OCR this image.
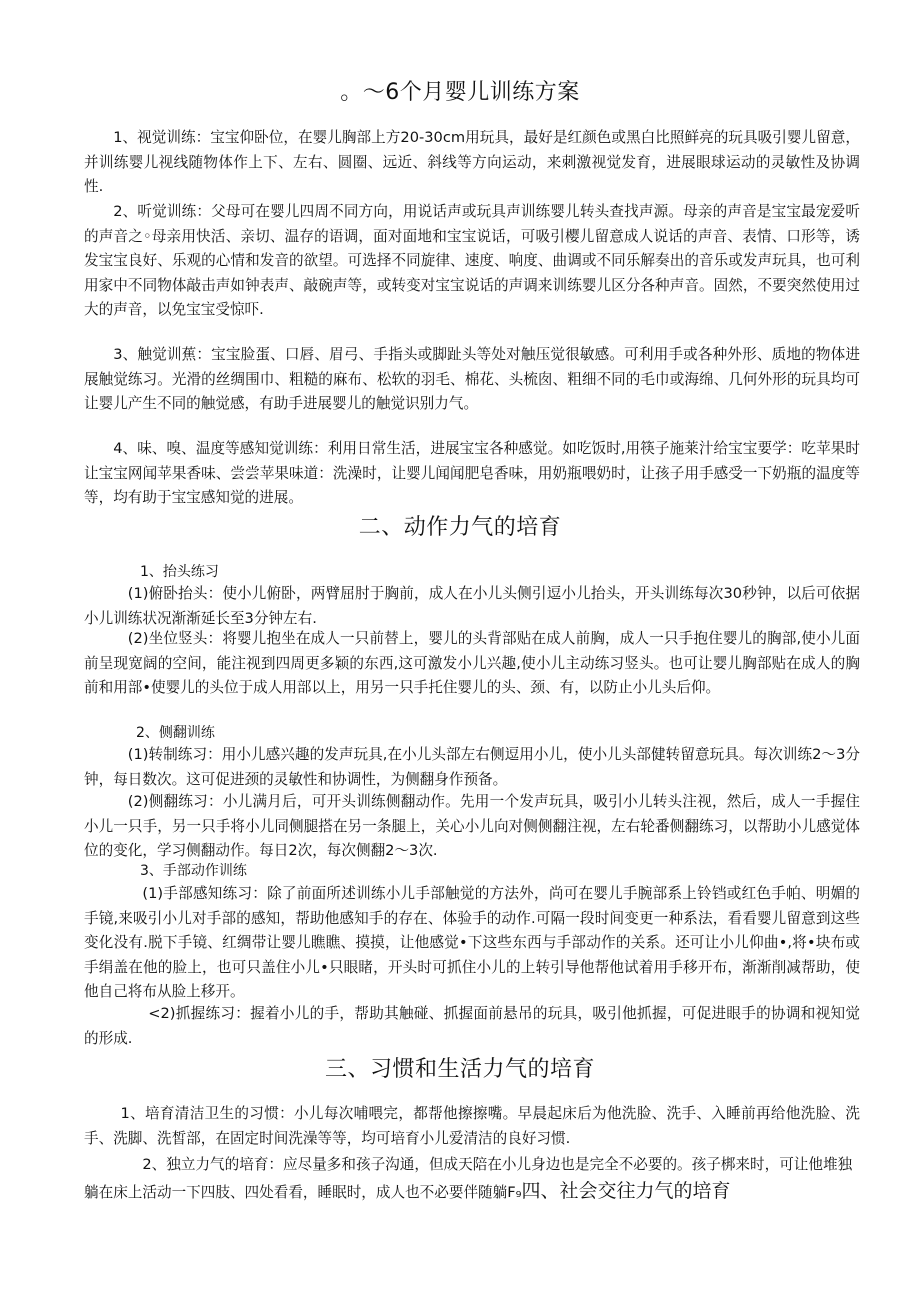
。〜6个月婴儿训练方案

1、视觉训练：宝宝仰卧位，在婴儿胸部上方20-30cm用玩具，最好是红颜色或黑白比照鲜亮的玩具吸引婴儿留意，并训练婴儿视线随物体作上下、左右、圆圈、远近、斜线等方向运动，来刺激视觉发育，进展眼球运动的灵敏性及协调性.

2、听觉训练：父母可在婴儿四周不同方向，用说话声或玩具声训练婴儿转头查找声源。母亲的声音是宝宝最宠爱听的声音之◦母亲用快活、亲切、温存的语调，面对面地和宝宝说话，可吸引樱儿留意成人说话的声音、表情、口形等，诱发宝宝良好、乐观的心情和发音的欲望。可选择不同旋律、速度、响度、曲调或不同乐解奏出的音乐或发声玩具，也可利用家中不同物体敲击声如钟表声、敲碗声等，或转变对宝宝说话的声调来训练婴儿区分各种声音。固然，不要突然使用过大的声音，以免宝宝受惊吓.

3、触觉训蕉：宝宝脸蛋、口唇、眉弓、手指头或脚趾头等处对触压觉很敏感。可利用手或各种外形、质地的物体进展触觉练习。光滑的丝绸围巾、粗糙的麻布、松软的羽毛、棉花、头梳囱、粗细不同的毛巾或海绵、几何外形的玩具均可让婴儿产生不同的触觉感，有助手进展婴儿的触觉识别力气。

4、味、嗅、温度等感知觉训练：利用日常生活，进展宝宝各种感觉。如吃饭时,用筷子施莱汁给宝宝要学：吃苹果时让宝宝网闻苹果香味、尝尝苹果味道：洗澡时，让婴儿闻闻肥皂香味，用奶瓶喂奶时，让孩子用手感受一下奶瓶的温度等等，均有助于宝宝感知觉的进展。

二、动作力气的培育

1、抬头练习

(1)俯卧抬头：使小儿俯卧，两臂屈肘于胸前，成人在小儿头侧引逗小儿抬头，开头训练每次30秒钟，以后可依据小儿训练状况渐渐延长至3分钟左右.

(2)坐位竖头：将婴儿抱坐在成人一只前替上，婴儿的头背部贴在成人前胸，成人一只手抱住婴儿的胸部,使小儿面前呈现宽阔的空间，能注视到四周更多颖的东西,这可激发小儿兴趣,使小儿主动练习竖头。也可让婴儿胸部贴在成人的胸前和用部•使婴儿的头位于成人用部以上，用另一只手托住婴儿的头、颈、有，以防止小儿头后仰。

2、侧翻训练

(1)转制练习：用小儿感兴趣的发声玩具,在小儿头部左右侧逗用小儿，使小儿头部健转留意玩具。每次训练2〜3分钟，每日数次。这可促进颈的灵敏性和协调性，为侧翻身作预备。

(2)侧翻练习：小儿满月后，可开头训练侧翻动作。先用一个发声玩具，吸引小儿转头注视，然后，成人一手握住小儿一只手，另一只手将小儿同侧腿搭在另一条腿上，关心小儿向对侧侧翻注视，左右轮番侧翻练习，以帮助小儿感觉体位的变化，学习侧翻动作。每日2次，每次侧翻2〜3次.

3、手部动作训练

(1)手部感知练习：除了前面所述训练小儿手部触觉的方法外，尚可在婴儿手腕部系上铃铛或红色手帕、明媚的手镜,来吸引小儿对手部的感知，帮助他感知手的存在、体验手的动作.可隔一段时间变更一种系法，看看婴儿留意到这些变化没有.脱下手镜、红绸带让婴儿瞧瞧、摸摸，让他感觉•下这些东西与手部动作的关系。还可让小儿仰曲•,将•块布或手绢盖在他的脸上，也可只盖住小儿•只眼睹，开头时可抓住小儿的上转引导他帮他试着用手移开布，渐渐削减帮助，使他自己将布从脸上移开。

<2)抓握练习：握着小儿的手，帮助其触碰、抓握面前悬吊的玩具，吸引他抓握，可促进眼手的协调和视知觉的形成.

三、习惯和生活力气的培育

1、培育清洁卫生的习惯：小儿每次哺喂完，都帮他擦擦嘴。早晨起床后为他洗脸、洗手、入睡前再给他洗脸、洗手、洗脚、洗皙部，在固定时间洗澡等等，均可培育小儿爱清洁的良好习惯.

2、独立力气的培育：应尽量多和孩子沟通，但成天陪在小儿身边也是完全不必要的。孩子梆来时，可让他堆独躺在床上活动一下四肢、四处看看，睡眠时，成人也不必要伴随躺F₉四、社会交往力气的培育
